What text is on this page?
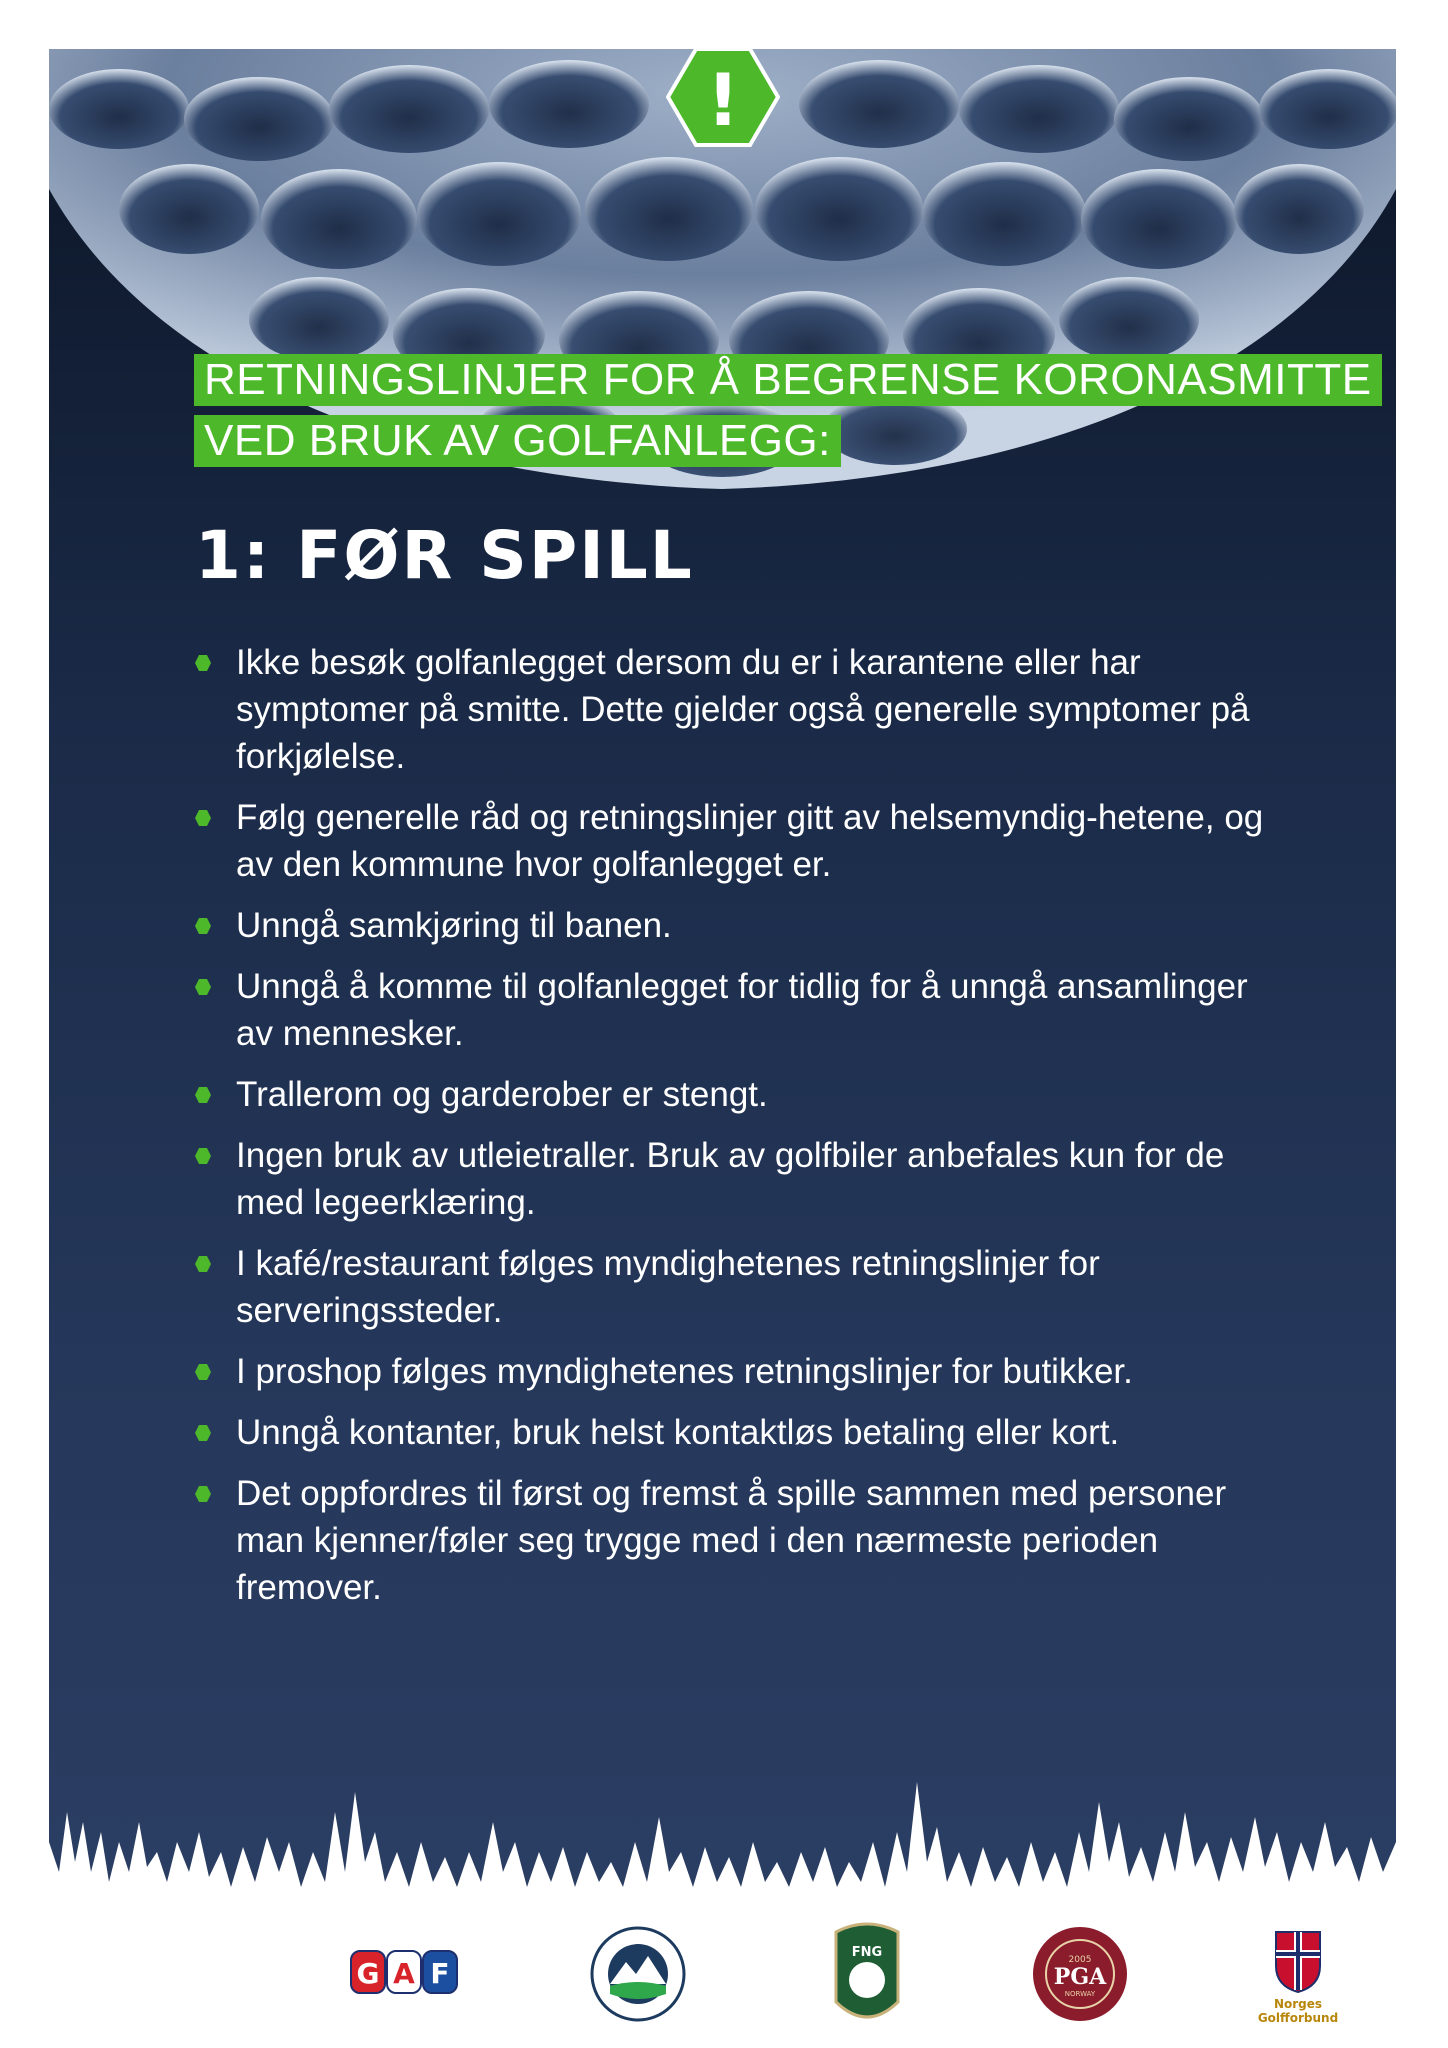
!
RETNINGSLINJER FOR Å BEGRENSE KORONASMITTE
VED BRUK AV GOLFANLEGG:
1: FØR SPILL
Ikke besøk golfanlegget dersom du er i karantene eller har symptomer på smitte. Dette gjelder også generelle symptomer på forkjølelse.
Følg generelle råd og retningslinjer gitt av helsemyndig-hetene, og av den kommune hvor golfanlegget er.
Unngå samkjøring til banen.
Unngå å komme til golfanlegget for tidlig for å unngå ansamlinger av mennesker.
Trallerom og garderober er stengt.
Ingen bruk av utleietraller. Bruk av golfbiler anbefales kun for de med legeerklæring.
I kafé/restaurant følges myndighetenes retningslinjer for serveringssteder.
I proshop følges myndighetenes retningslinjer for butikker.
Unngå kontanter, bruk helst kontaktløs betaling eller kort.
Det oppfordres til først og fremst å spille sammen med personer man kjenner/føler seg trygge med i den nærmeste perioden fremover.
G A F
FNG	2005
PGA
NORWAY
Norges
Golfforbund
